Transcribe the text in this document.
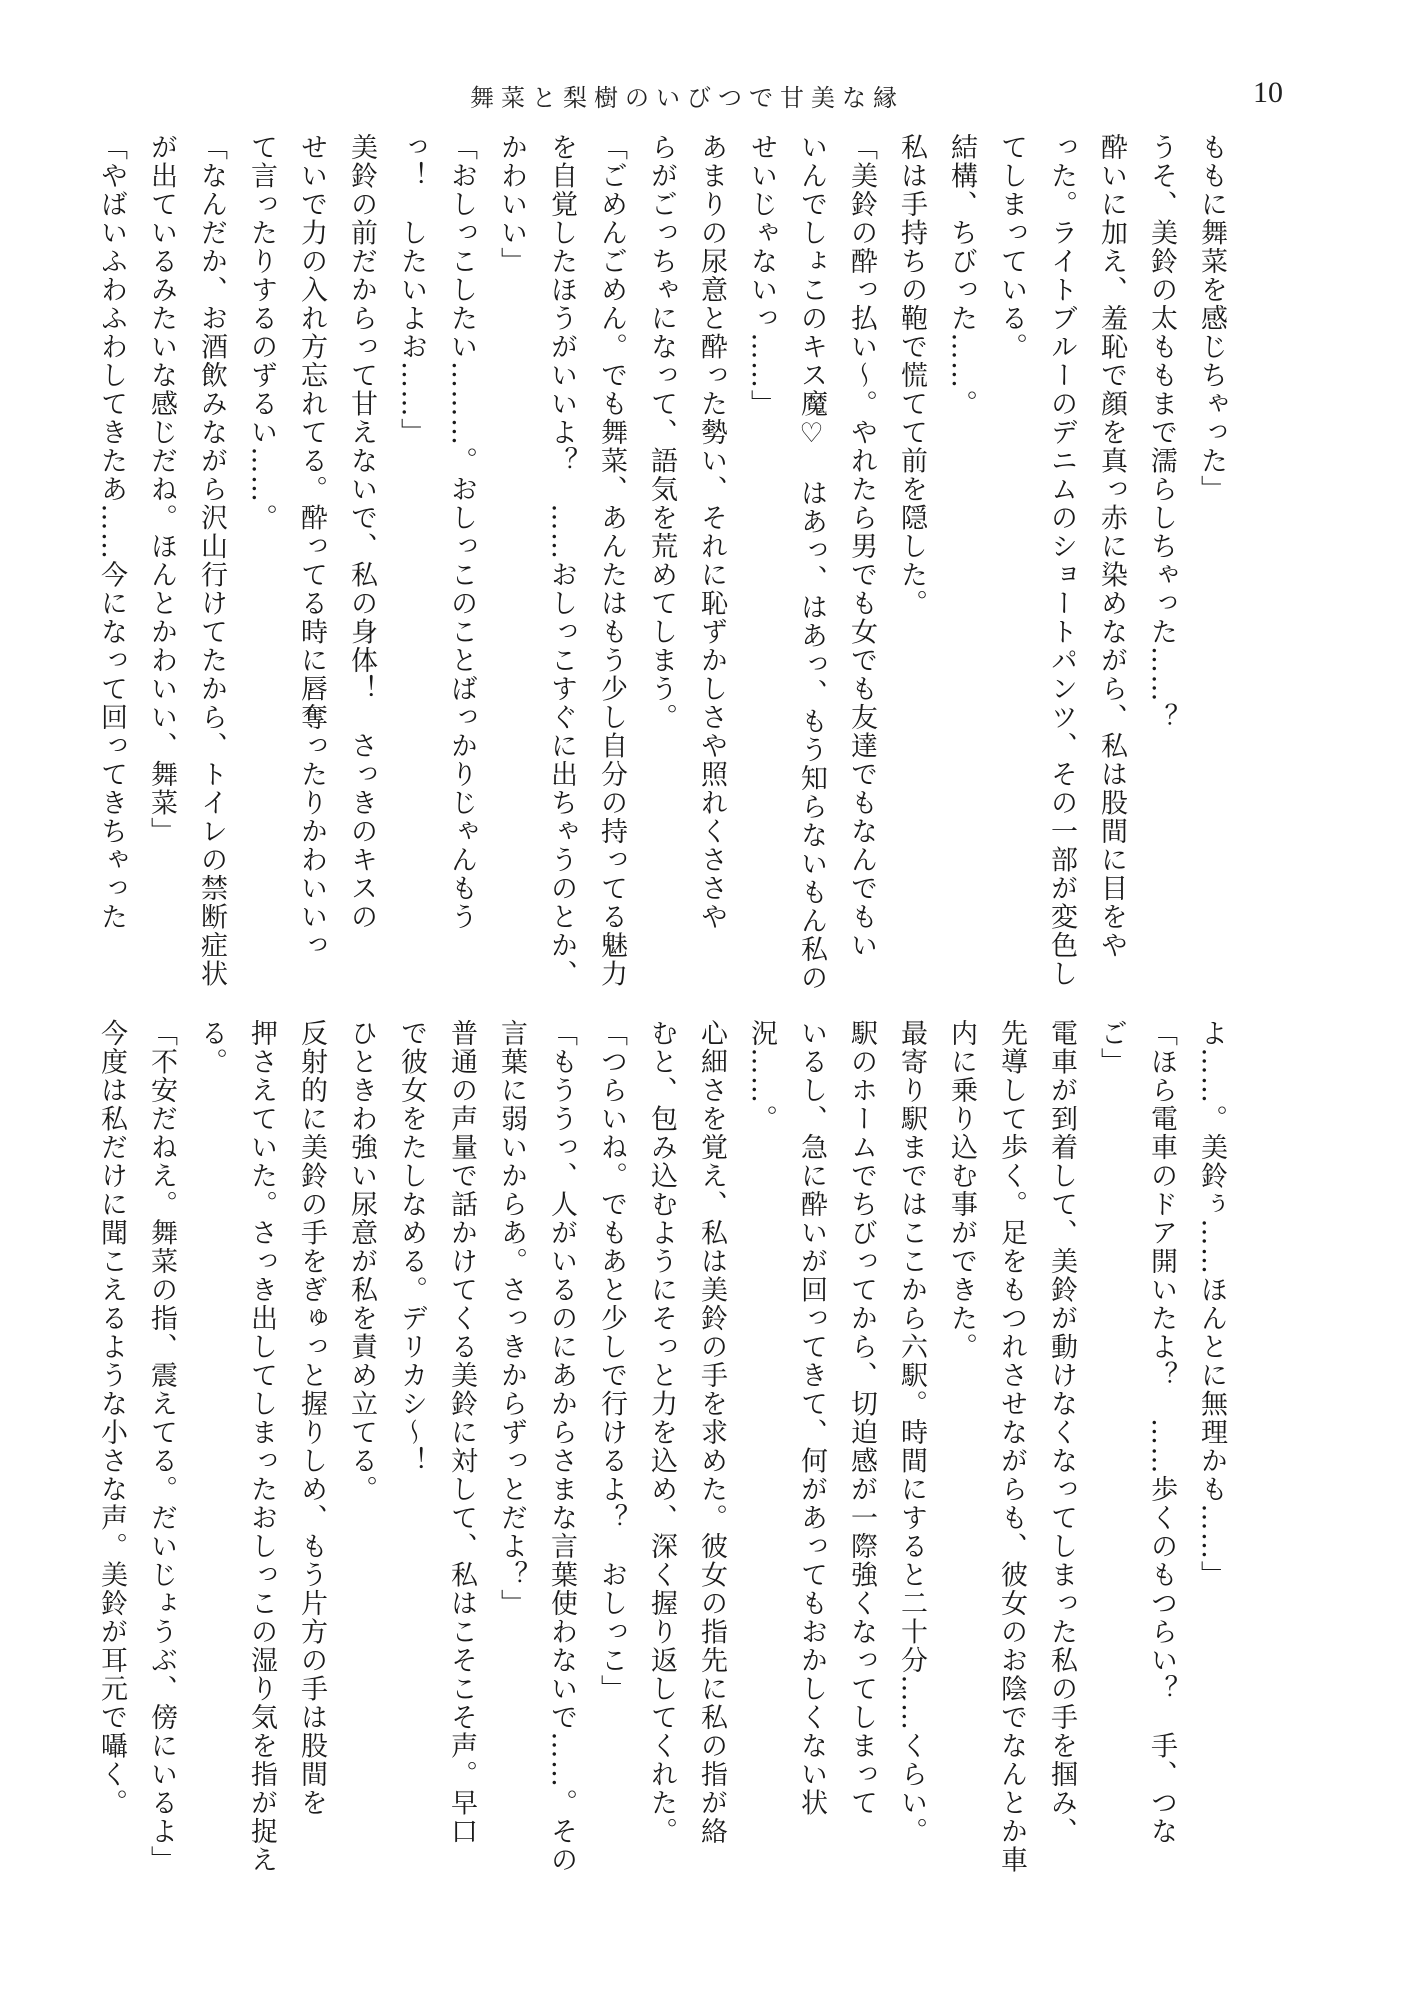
舞菜と梨樹のいびつで甘美な縁	10
ももに舞菜を感じちゃった」
うそ、美鈴の太ももまで濡らしちゃった……？
酔いに加え、羞恥で顔を真っ赤に染めながら、私は股間に目をや
った。ライトブルーのデニムのショートパンツ、その一部が変色し
てしまっている。
結構、ちびった……。
私は手持ちの鞄で慌てて前を隠した。
「美鈴の酔っ払い～。やれたら男でも女でも友達でもなんでもい
いんでしょこのキス魔♡　はあっ、はあっ、もう知らないもん私の
せいじゃないっ……」
あまりの尿意と酔った勢い、それに恥ずかしさや照れくささや
らがごっちゃになって、語気を荒めてしまう。
「ごめんごめん。でも舞菜、あんたはもう少し自分の持ってる魅力
を自覚したほうがいいよ？　……おしっこすぐに出ちゃうのとか、
かわいい」
「おしっこしたい………。おしっこのことばっかりじゃんもう
っ！　したいよお……」
美鈴の前だからって甘えないで、私の身体！　さっきのキスの
せいで力の入れ方忘れてる。酔ってる時に唇奪ったりかわいいっ
て言ったりするのずるい……。
「なんだか、お酒飲みながら沢山行けてたから、トイレの禁断症状
が出ているみたいな感じだね。ほんとかわいい、舞菜」
「やばいふわふわしてきたあ……今になって回ってきちゃった
よ……。美鈴ぅ……ほんとに無理かも……」
「ほら電車のドア開いたよ？　……歩くのもつらい？　手、つな
ご」
電車が到着して、美鈴が動けなくなってしまった私の手を掴み、
先導して歩く。足をもつれさせながらも、彼女のお陰でなんとか車
内に乗り込む事ができた。
最寄り駅まではここから六駅。時間にすると二十分……くらい。
駅のホームでちびってから、切迫感が一際強くなってしまって
いるし、急に酔いが回ってきて、何があってもおかしくない状
況……。
心細さを覚え、私は美鈴の手を求めた。彼女の指先に私の指が絡
むと、包み込むようにそっと力を込め、深く握り返してくれた。
「つらいね。でもあと少しで行けるよ？　おしっこ」
「もううっ、人がいるのにあからさまな言葉使わないで……。その
言葉に弱いからあ。さっきからずっとだよ？」
普通の声量で話かけてくる美鈴に対して、私はこそこそ声。早口
で彼女をたしなめる。デリカシ～！
ひときわ強い尿意が私を責め立てる。
反射的に美鈴の手をぎゅっと握りしめ、もう片方の手は股間を
押さえていた。さっき出してしまったおしっこの湿り気を指が捉え
る。
「不安だねえ。舞菜の指、震えてる。だいじょうぶ、傍にいるよ」
今度は私だけに聞こえるような小さな声。美鈴が耳元で囁く。
